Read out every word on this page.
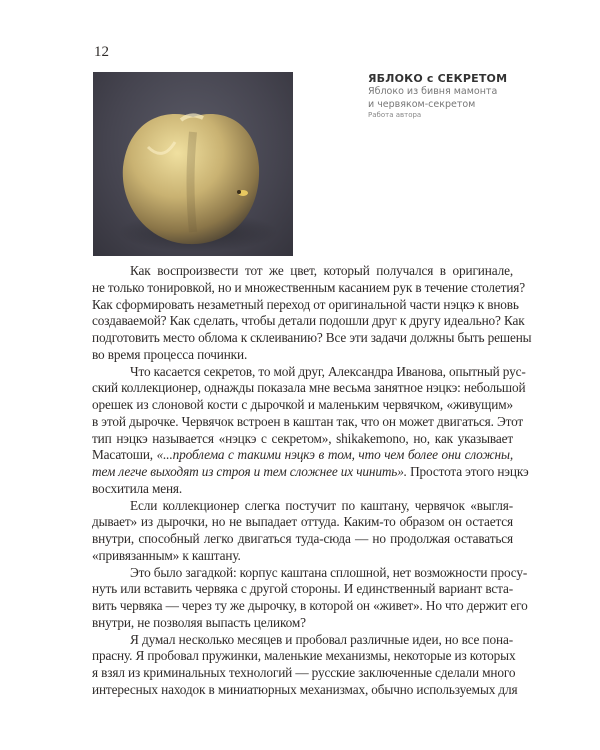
12
ЯБЛОКО с СЕКРЕТОМ
Яблоко из бивня мамонта
и червяком-секретом
Работа автора
Как воспроизвести тот же цвет, который получался в оригинале,
не только тонировкой, но и множественным касанием рук в течение столетия?
Как сформировать незаметный переход от оригинальной части нэцкэ к вновь
создаваемой? Как сделать, чтобы детали подошли друг к другу идеально? Как
подготовить место облома к склеиванию? Все эти задачи должны быть решены
во время процесса починки.
Что касается секретов, то мой друг, Александра Иванова, опытный рус-
ский коллекционер, однажды показала мне весьма занятное нэцкэ: небольшой
орешек из слоновой кости с дырочкой и маленьким червячком, «живущим»
в этой дырочке. Червячок встроен в каштан так, что он может двигаться. Этот
тип нэцкэ называется «нэцкэ с секретом», shikakemono, но, как указывает
Масатоши, «...проблема с такими нэцкэ в том, что чем более они сложны,
тем легче выходят из строя и тем сложнее их чинить». Простота этого нэцкэ
восхитила меня.
Если коллекционер слегка постучит по каштану, червячок «выгля-
дывает» из дырочки, но не выпадает оттуда. Каким-то образом он остается
внутри, способный легко двигаться туда-сюда — но продолжая оставаться
«привязанным» к каштану.
Это было загадкой: корпус каштана сплошной, нет возможности просу-
нуть или вставить червяка с другой стороны. И единственный вариант вста-
вить червяка — через ту же дырочку, в которой он «живет». Но что держит его
внутри, не позволяя выпасть целиком?
Я думал несколько месяцев и пробовал различные идеи, но все пона-
прасну. Я пробовал пружинки, маленькие механизмы, некоторые из которых
я взял из криминальных технологий — русские заключенные сделали много
интересных находок в миниатюрных механизмах, обычно используемых для
